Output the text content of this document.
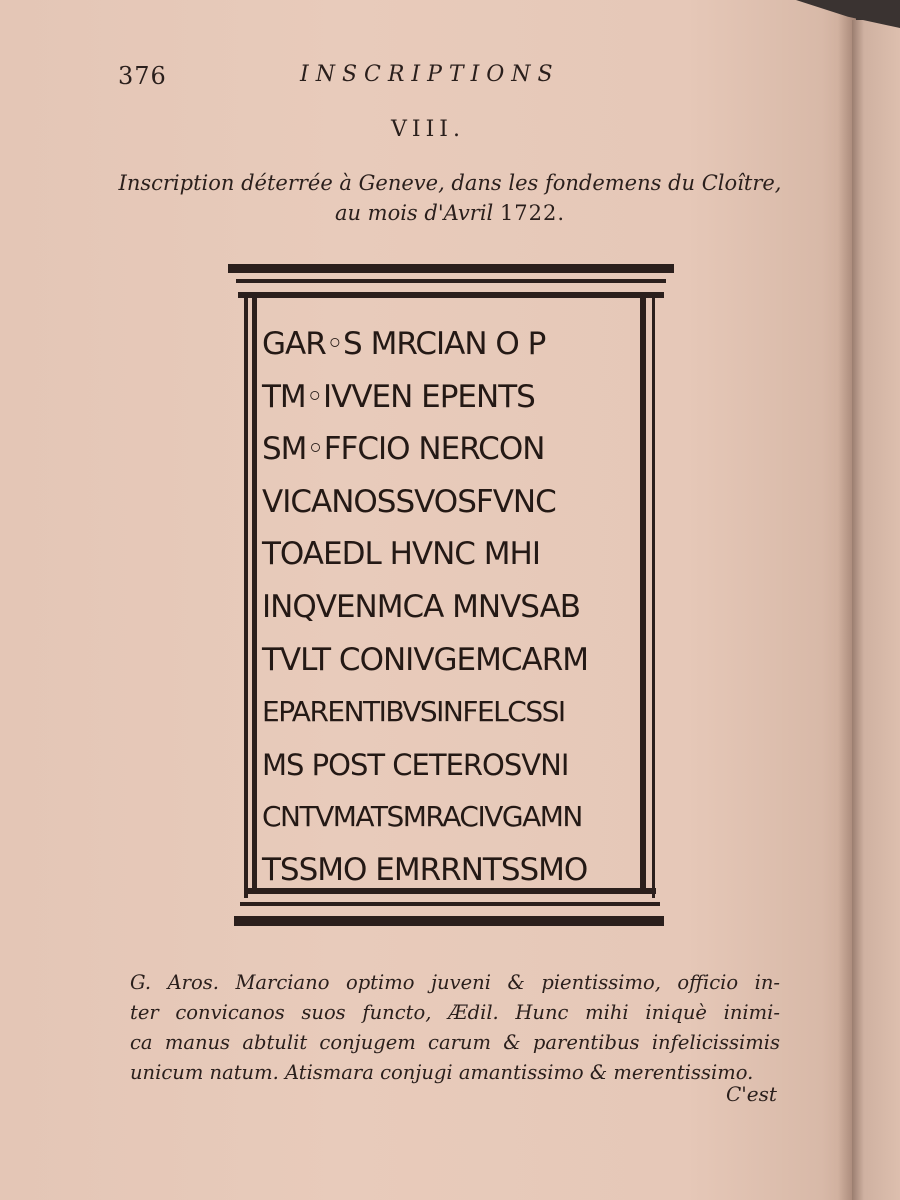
376	INSCRIPTIONS
VIII.
Inscription déterrée à Geneve, dans les fondemens du Cloître,
au mois d'Avril 1722.
GAR◦S MRCIAN O P
TM◦IVVEN EPENTS
SM◦FFCIO NERCON
VICANOSSVOSFVNC
TOAEDL HVNC MHI
INQVENMCA MNVSAB
TVLT CONIVGEMCARM
EPARENTIBVSINFELCSSI
MS POST CETEROSVNI
CNTVMATSMRACIVGAMN
TSSMO EMRRNTSSMO
G. Aros. Marciano optimo juveni & pientissimo, officio in-
ter convicanos suos functo, Ædil. Hunc mihi iniquè inimi-
ca manus abtulit conjugem carum & parentibus infelicissimis
unicum natum. Atismara conjugi amantissimo & merentissimo.
C'est
